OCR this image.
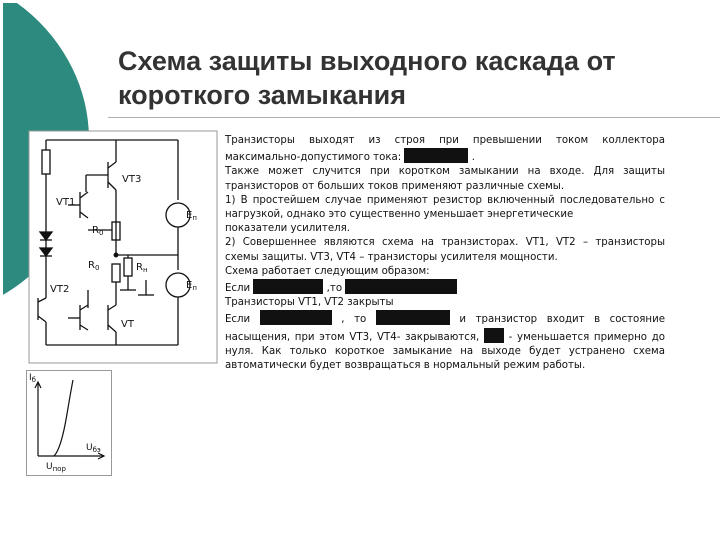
Схема защиты выходного каскада от
короткого замыкания
VT3
VT1
$R_0$
$R_0$	$R_н$
VT2
VT
$E_п$
$E_п$
$I_б$
$U_{бэ}$
$U_{пор}$

Транзисторы выходят из строя при превышении током коллектора максимально-допустимого тока:	.

Также может случится при коротком замыкании на входе. Для защиты транзисторов от больших токов применяют различные схемы.

1) В простейшем случае применяют резистор включенный последовательно с нагрузкой, однако это существенно уменьшает энергетические

показатели усилителя.

2) Совершеннее являются схема на транзисторах. VT1, VT2 – транзисторы схемы защиты. VT3, VT4 – транзисторы усилителя мощности.

Схема работает следующим образом:

Если	,то

Транзисторы VT1, VT2 закрыты

Если	, то	и транзистор входит в состояние насыщения, при этом VT3, VT4- закрываются,	- уменьшается примерно до нуля. Как только короткое замыкание на выходе будет устранено схема автоматически будет возвращаться в нормальный режим работы.
